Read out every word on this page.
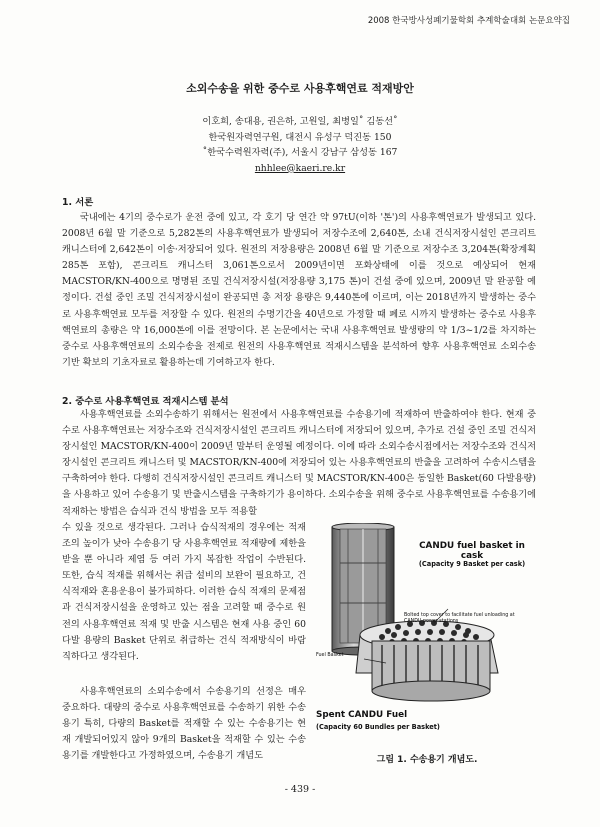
2008 한국방사성폐기물학회 추계학술대회 논문요약집
소외수송을 위한 중수로 사용후핵연료 적재방안
이호희, 송대용, 권은하, 고원일, 최병일˚ 김동선˚
한국원자력연구원, 대전시 유성구 덕진동 150
˚한국수력원자력(주), 서울시 강남구 삼성동 167
nhhlee@kaeri.re.kr
1. 서론

국내에는 4기의 중수로가 운전 중에 있고, 각 호기 당 연간 약 97tU(이하 '톤')의 사용후핵연료가 발생되고 있다. 2008년 6월 말 기준으로 5,282톤의 사용후핵연료가 발생되어 저장수조에 2,640톤, 소내 건식저장시설인 콘크리트 캐니스터에 2,642톤이 이송·저장되어 있다. 원전의 저장용량은 2008년 6월 말 기준으로 저장수조 3,204톤(확장계획 285톤 포함), 콘크리트 캐니스터 3,061톤으로서 2009년이면 포화상태에 이를 것으로 예상되어 현재 MACSTOR/KN-400으로 명명된 조밀 건식저장시설(저장용량 3,175 톤)이 건설 중에 있으며, 2009년 말 완공할 예정이다. 건설 중인 조밀 건식저장시설이 완공되면 총 저장 용량은 9,440톤에 이르며, 이는 2018년까지 발생하는 중수로 사용후핵연료 모두를 저장할 수 있다. 원전의 수명기간을 40년으로 가정할 때 폐로 시까지 발생하는 중수로 사용후핵연료의 총량은 약 16,000톤에 이를 전망이다. 본 논문에서는 국내 사용후핵연료 발생량의 약 1/3~1/2를 차지하는 중수로 사용후핵연료의 소외수송을 전제로 원전의 사용후핵연료 적재시스템을 분석하여 향후 사용후핵연료 소외수송 기반 확보의 기초자료로 활용하는데 기여하고자 한다.

2. 중수로 사용후핵연료 적재시스템 분석

사용후핵연료를 소외수송하기 위해서는 원전에서 사용후핵연료를 수송용기에 적재하여 반출하여야 한다. 현재 중수로 사용후핵연료는 저장수조와 건식저장시설인 콘크리트 캐니스터에 저장되어 있으며, 추가로 건설 중인 조밀 건식저장시설인 MACSTOR/KN-400이 2009년 말부터 운영될 예정이다. 이에 따라 소외수송시점에서는 저장수조와 건식저장시설인 콘크리트 캐니스터 및 MACSTOR/KN-400에 저장되어 있는 사용후핵연료의 반출을 고려하여 수송시스템을 구축하여야 한다. 다행히 건식저장시설인 콘크리트 캐니스터 및 MACSTOR/KN-400은 동일한 Basket(60 다발용량)을 사용하고 있어 수송용기 및 반출시스템을 구축하기가 용이하다. 소외수송을 위해 중수로 사용후핵연료를 수송용기에 적재하는 방법은 습식과 건식 방법을 모두 적용할

수 있을 것으로 생각된다. 그러나 습식적재의 경우에는 적재조의 높이가 낮아 수송용기 당 사용후핵연료 적재량에 제한을 받을 뿐 아니라 제염 등 여러 가지 복잡한 작업이 수반된다. 또한, 습식 적재를 위해서는 취급 설비의 보완이 필요하고, 건식적재와 혼용운용이 불가피하다. 이러한 습식 적재의 문제점과 건식저장시설을 운영하고 있는 점을 고려할 때 중수로 원전의 사용후핵연료 적재 및 반출 시스템은 현재 사용 중인 60다발 용량의 Basket 단위로 취급하는 건식 적재방식이 바람직하다고 생각된다.

사용후핵연료의 소외수송에서 수송용기의 선정은 매우 중요하다. 대량의 중수로 사용후핵연료를 수송하기 위한 수송용기 특히, 다량의 Basket를 적재할 수 있는 수송용기는 현재 개발되어있지 않아 9개의 Basket을 적재할 수 있는 수송용기를 개발한다고 가정하였으며, 수송용기 개념도

CANDU fuel basket in cask
(Capacity 9 Basket per cask)
Bolted top cover to facilitate fuel unloading at CANDU power stations
Fuel Basket
Spent CANDU Fuel
(Capacity 60 Bundles per Basket)
그림 1. 수송용기 개념도.
- 439 -
